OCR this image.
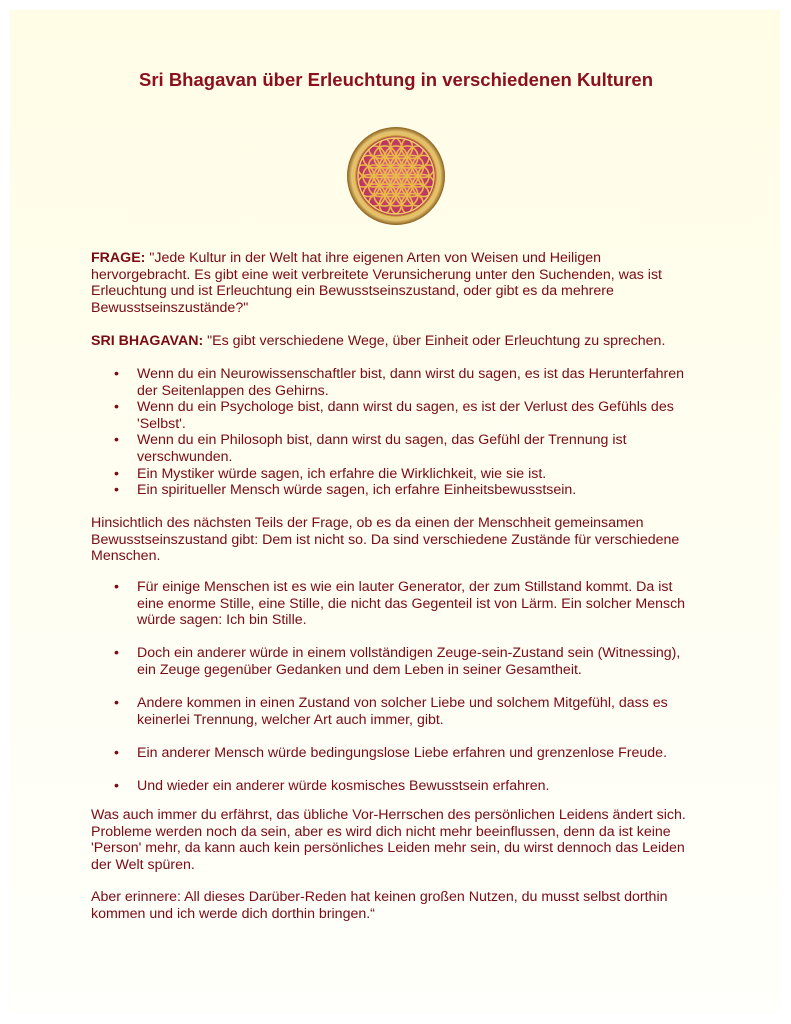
Sri Bhagavan über Erleuchtung in verschiedenen Kulturen

FRAGE: "Jede Kultur in der Welt hat ihre eigenen Arten von Weisen und Heiligen hervorgebracht. Es gibt eine weit verbreitete Verunsicherung unter den Suchenden, was ist Erleuchtung und ist Erleuchtung ein Bewusstseinszustand, oder gibt es da mehrere Bewusstseinszustände?"

SRI BHAGAVAN: "Es gibt verschiedene Wege, über Einheit oder Erleuchtung zu sprechen.

• Wenn du ein Neurowissenschaftler bist, dann wirst du sagen, es ist das Herunterfahren der Seitenlappen des Gehirns.
• Wenn du ein Psychologe bist, dann wirst du sagen, es ist der Verlust des Gefühls des 'Selbst'.
• Wenn du ein Philosoph bist, dann wirst du sagen, das Gefühl der Trennung ist verschwunden.
• Ein Mystiker würde sagen, ich erfahre die Wirklichkeit, wie sie ist.
• Ein spiritueller Mensch würde sagen, ich erfahre Einheitsbewusstsein.

Hinsichtlich des nächsten Teils der Frage, ob es da einen der Menschheit gemeinsamen Bewusstseinszustand gibt: Dem ist nicht so. Da sind verschiedene Zustände für verschiedene Menschen.

• Für einige Menschen ist es wie ein lauter Generator, der zum Stillstand kommt. Da ist eine enorme Stille, eine Stille, die nicht das Gegenteil ist von Lärm. Ein solcher Mensch würde sagen: Ich bin Stille.
• Doch ein anderer würde in einem vollständigen Zeuge-sein-Zustand sein (Witnessing), ein Zeuge gegenüber Gedanken und dem Leben in seiner Gesamtheit.
• Andere kommen in einen Zustand von solcher Liebe und solchem Mitgefühl, dass es keinerlei Trennung, welcher Art auch immer, gibt.
• Ein anderer Mensch würde bedingungslose Liebe erfahren und grenzenlose Freude.
• Und wieder ein anderer würde kosmisches Bewusstsein erfahren.

Was auch immer du erfährst, das übliche Vor-Herrschen des persönlichen Leidens ändert sich. Probleme werden noch da sein, aber es wird dich nicht mehr beeinflussen, denn da ist keine 'Person' mehr, da kann auch kein persönliches Leiden mehr sein, du wirst dennoch das Leiden der Welt spüren.

Aber erinnere: All dieses Darüber-Reden hat keinen großen Nutzen, du musst selbst dorthin kommen und ich werde dich dorthin bringen.“
